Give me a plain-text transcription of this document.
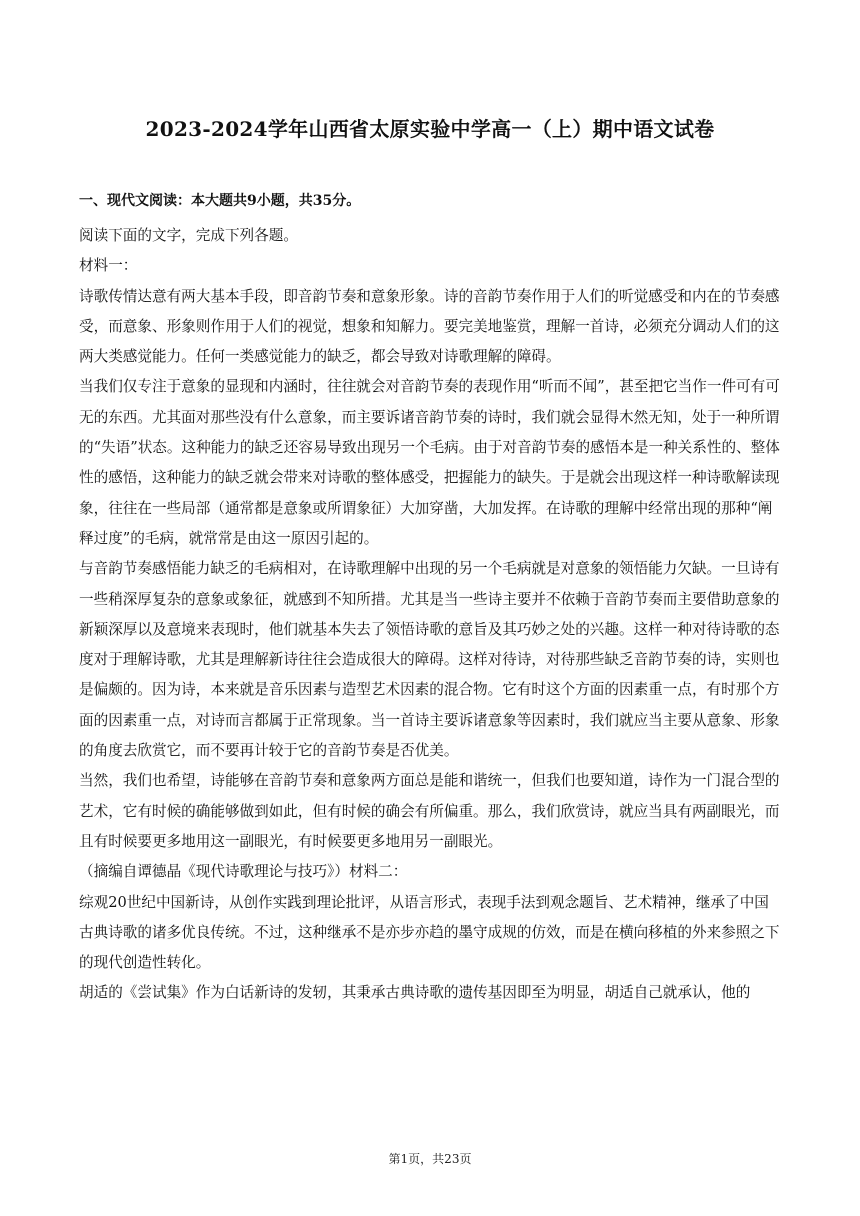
2023-2024学年山西省太原实验中学高一（上）期中语文试卷
一、现代文阅读：本大题共9小题，共35分。

阅读下面的文字，完成下列各题。

材料一：

诗歌传情达意有两大基本手段，即音韵节奏和意象形象。诗的音韵节奏作用于人们的听觉感受和内在的节奏感受，而意象、形象则作用于人们的视觉，想象和知解力。要完美地鉴赏，理解一首诗，必须充分调动人们的这两大类感觉能力。任何一类感觉能力的缺乏，都会导致对诗歌理解的障碍。

当我们仅专注于意象的显现和内涵时，往往就会对音韵节奏的表现作用“听而不闻”，甚至把它当作一件可有可无的东西。尤其面对那些没有什么意象，而主要诉诸音韵节奏的诗时，我们就会显得木然无知，处于一种所谓的“失语”状态。这种能力的缺乏还容易导致出现另一个毛病。由于对音韵节奏的感悟本是一种关系性的、整体性的感悟，这种能力的缺乏就会带来对诗歌的整体感受，把握能力的缺失。于是就会出现这样一种诗歌解读现象，往往在一些局部（通常都是意象或所谓象征）大加穿凿，大加发挥。在诗歌的理解中经常出现的那种“阐释过度”的毛病，就常常是由这一原因引起的。

与音韵节奏感悟能力缺乏的毛病相对，在诗歌理解中出现的另一个毛病就是对意象的领悟能力欠缺。一旦诗有一些稍深厚复杂的意象或象征，就感到不知所措。尤其是当一些诗主要并不依赖于音韵节奏而主要借助意象的新颖深厚以及意境来表现时，他们就基本失去了领悟诗歌的意旨及其巧妙之处的兴趣。这样一种对待诗歌的态度对于理解诗歌，尤其是理解新诗往往会造成很大的障碍。这样对待诗，对待那些缺乏音韵节奏的诗，实则也是偏颇的。因为诗，本来就是音乐因素与造型艺术因素的混合物。它有时这个方面的因素重一点，有时那个方面的因素重一点，对诗而言都属于正常现象。当一首诗主要诉诸意象等因素时，我们就应当主要从意象、形象的角度去欣赏它，而不要再计较于它的音韵节奏是否优美。

当然，我们也希望，诗能够在音韵节奏和意象两方面总是能和谐统一，但我们也要知道，诗作为一门混合型的艺术，它有时候的确能够做到如此，但有时候的确会有所偏重。那么，我们欣赏诗，就应当具有两副眼光，而且有时候要更多地用这一副眼光，有时候要更多地用另一副眼光。

（摘编自谭德晶《现代诗歌理论与技巧》）材料二：

综观20世纪中国新诗，从创作实践到理论批评，从语言形式，表现手法到观念题旨、艺术精神，继承了中国古典诗歌的诸多优良传统。不过，这种继承不是亦步亦趋的墨守成规的仿效，而是在横向移植的外来参照之下的现代创造性转化。

胡适的《尝试集》作为白话新诗的发轫，其秉承古典诗歌的遗传基因即至为明显，胡适自己就承认，他的

第1页，共23页
